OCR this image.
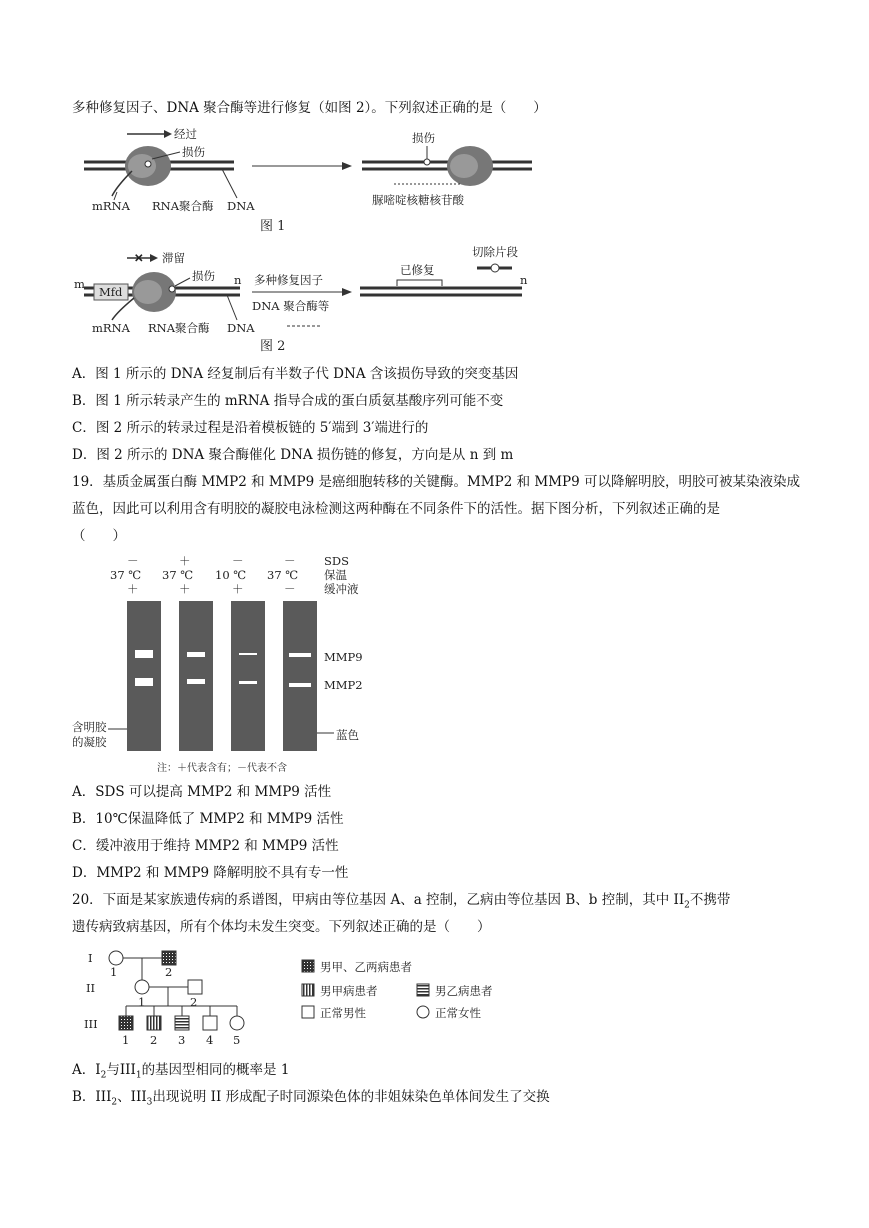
多种修复因子、DNA 聚合酶等进行修复（如图 2）。下列叙述正确的是（　　）
经过
损伤
mRNA RNA聚合酶 DNA
损伤
脲嘧啶核糖核苷酸
图 1
✕ 滞留
m	n
Mfd
损伤
mRNA RNA聚合酶 DNA
多种修复因子
DNA 聚合酶等
n
已修复
切除片段
图 2
A．图 1 所示的 DNA 经复制后有半数子代 DNA 含该损伤导致的突变基因
B．图 1 所示转录产生的 mRNA 指导合成的蛋白质氨基酸序列可能不变
C．图 2 所示的转录过程是沿着模板链的 5′端到 3′端进行的
D．图 2 所示的 DNA 聚合酶催化 DNA 损伤链的修复，方向是从 n 到 m
19．基质金属蛋白酶 MMP2 和 MMP9 是癌细胞转移的关键酶。MMP2 和 MMP9 可以降解明胶，明胶可被某染液染成
蓝色，因此可以利用含有明胶的凝胶电泳检测这两种酶在不同条件下的活性。据下图分析，下列叙述正确的是
（　　）
－	＋	－	－ SDS
37 ℃ 37 ℃ 10 ℃ 37 ℃ 保温
＋	＋	＋	－ 缓冲液
MMP9
MMP2
含明胶
的凝胶	蓝色
注：＋代表含有；－代表不含
A．SDS 可以提高 MMP2 和 MMP9 活性
B．10℃保温降低了 MMP2 和 MMP9 活性
C．缓冲液用于维持 MMP2 和 MMP9 活性
D．MMP2 和 MMP9 降解明胶不具有专一性
20．下面是某家族遗传病的系谱图，甲病由等位基因 A、a 控制，乙病由等位基因 B、b 控制，其中 $II_2$不携带
遗传病致病基因，所有个体均未发生突变。下列叙述正确的是（　　）
I
II
III
1	2
1	2
1 2 3 4 5
男甲、乙两病患者
男甲病患者	男乙病患者
正常男性	正常女性
A．$I_2$与$III_1$的基因型相同的概率是 1
B．$III_2$、$III_3$出现说明 II 形成配子时同源染色体的非姐妹染色单体间发生了交换
